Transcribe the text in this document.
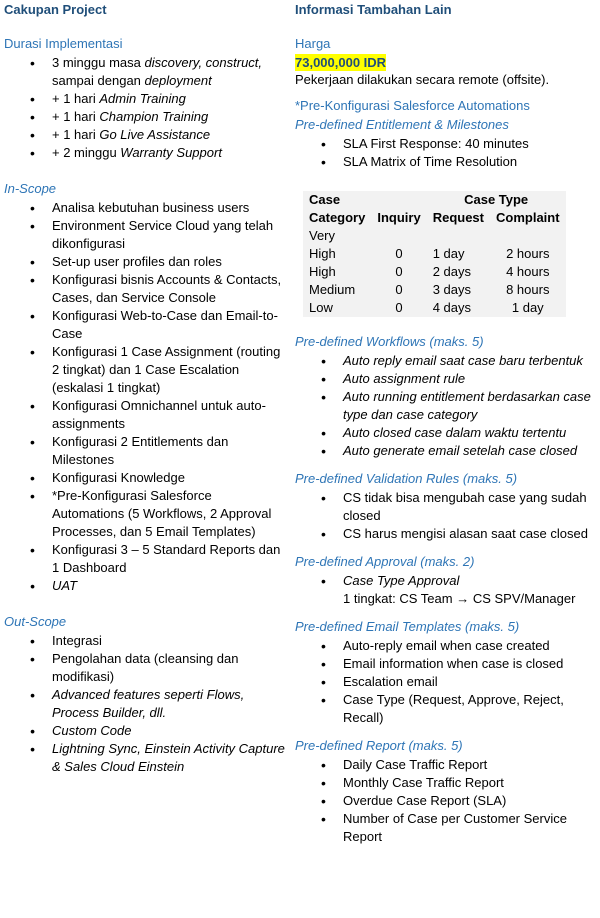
Cakupan Project
Durasi Implementasi
• 3 minggu masa discovery, construct, sampai dengan deployment
• + 1 hari Admin Training
• + 1 hari Champion Training
• + 1 hari Go Live Assistance
• + 2 minggu Warranty Support
In-Scope
• Analisa kebutuhan business users
• Environment Service Cloud yang telah dikonfigurasi
• Set-up user profiles dan roles
• Konfigurasi bisnis Accounts & Contacts, Cases, dan Service Console
• Konfigurasi Web-to-Case dan Email-to-Case
• Konfigurasi 1 Case Assignment (routing 2 tingkat) dan 1 Case Escalation (eskalasi 1 tingkat)
• Konfigurasi Omnichannel untuk auto-assignments
• Konfigurasi 2 Entitlements dan Milestones
• Konfigurasi Knowledge
• *Pre-Konfigurasi Salesforce Automations (5 Workflows, 2 Approval Processes, dan 5 Email Templates)
• Konfigurasi 3 – 5 Standard Reports dan 1 Dashboard
• UAT
Out-Scope
• Integrasi
• Pengolahan data (cleansing dan modifikasi)
• Advanced features seperti Flows, Process Builder, dll.
• Custom Code
• Lightning Sync, Einstein Activity Capture & Sales Cloud Einstein
Informasi Tambahan Lain
Harga
73,000,000 IDR
Pekerjaan dilakukan secara remote (offsite).
*Pre-Konfigurasi Salesforce Automations
Pre-defined Entitlement & Milestones
• SLA First Response: 40 minutes
• SLA Matrix of Time Resolution
Case		Case Type	
Category	Inquiry	Request	Complaint
Very			
High	0	1 day	2 hours
High	0	2 days	4 hours
Medium	0	3 days	8 hours
Low	0	4 days	1 day
Pre-defined Workflows (maks. 5)
• Auto reply email saat case baru terbentuk
• Auto assignment rule
• Auto running entitlement berdasarkan case type dan case category
• Auto closed case dalam waktu tertentu
• Auto generate email setelah case closed
Pre-defined Validation Rules (maks. 5)
• CS tidak bisa mengubah case yang sudah closed
• CS harus mengisi alasan saat case closed
Pre-defined Approval (maks. 2)
• Case Type Approval
1 tingkat: CS Team → CS SPV/Manager
Pre-defined Email Templates (maks. 5)
• Auto-reply email when case created
• Email information when case is closed
• Escalation email
• Case Type (Request, Approve, Reject, Recall)
Pre-defined Report (maks. 5)
• Daily Case Traffic Report
• Monthly Case Traffic Report
• Overdue Case Report (SLA)
• Number of Case per Customer Service Report
